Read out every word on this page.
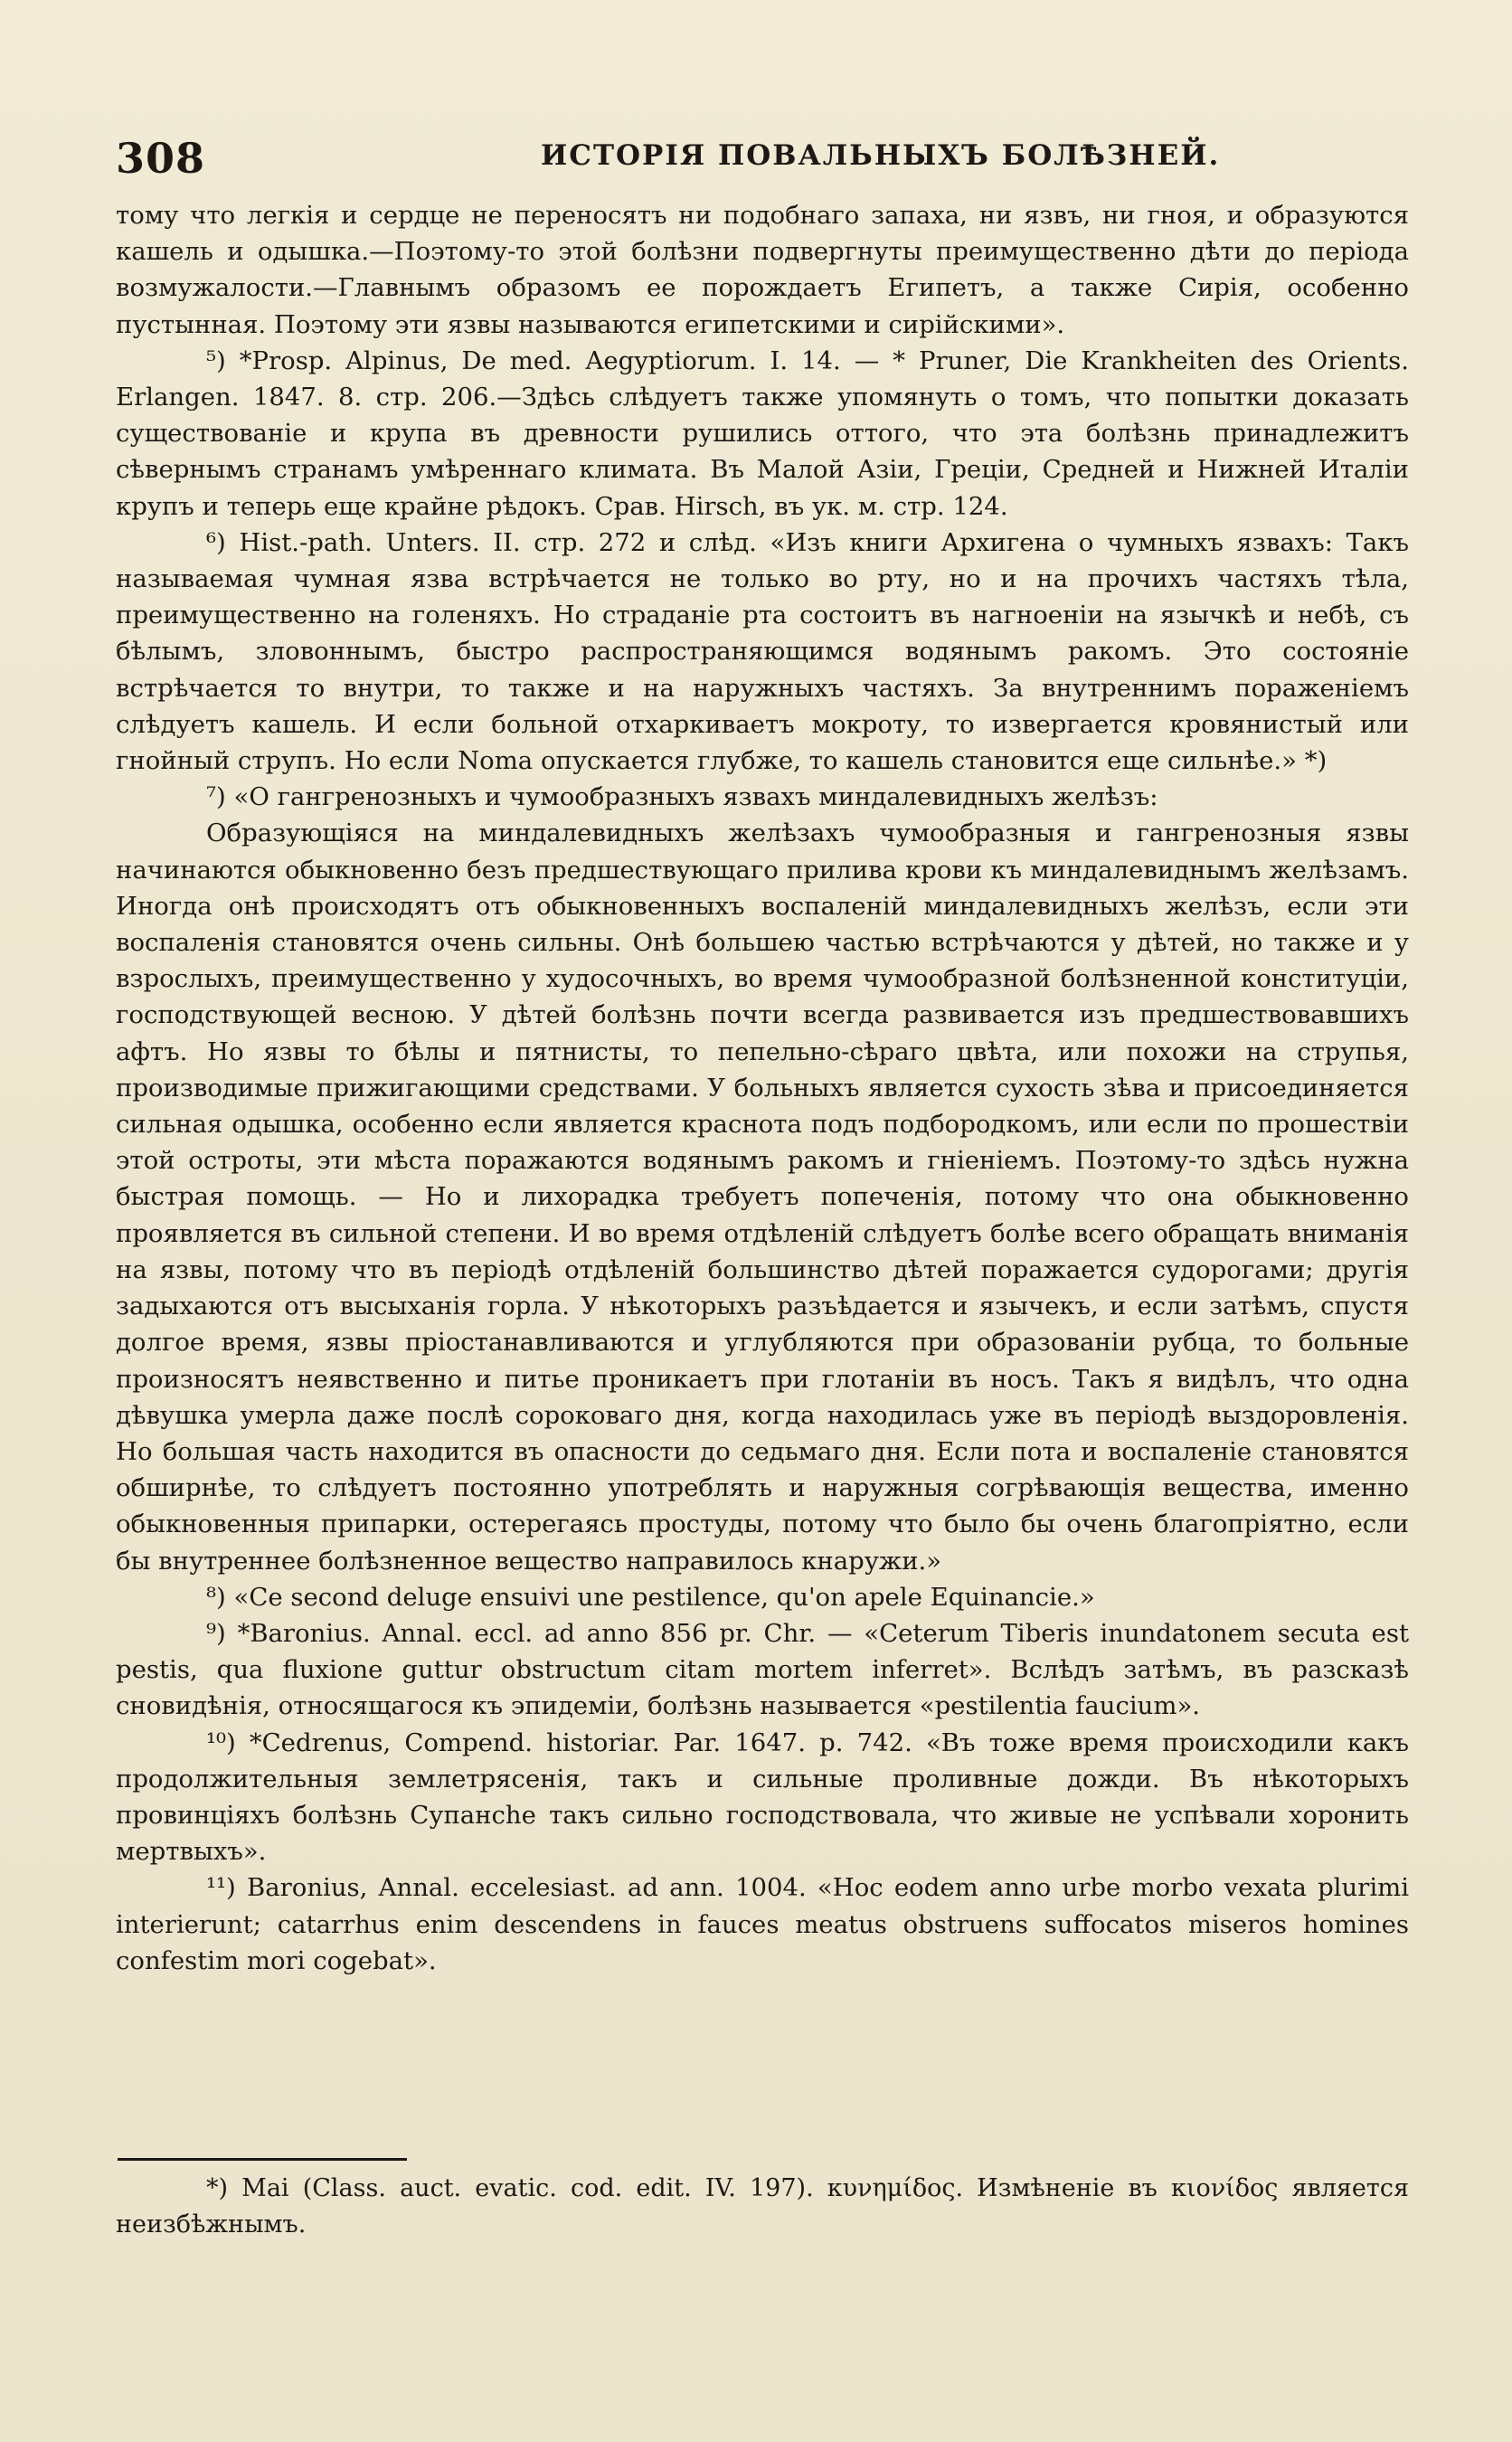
308	ИСТОРІЯ ПОВАЛЬНЫХЪ БОЛѢЗНЕЙ.

тому что легкія и сердце не переносятъ ни подобнаго запаха, ни язвъ, ни гноя, и образуются кашель и одышка.—Поэтому-то этой болѣзни подвергнуты преимущественно дѣти до періода возмужалости.—Главнымъ образомъ ее порождаетъ Египетъ, а также Сирія, особенно пустынная. Поэтому эти язвы называются египетскими и сирійскими».

⁵) *Prosp. Alpinus, De med. Aegyptiorum. I. 14. — * Pruner, Die Krankheiten des Orients. Erlangen. 1847. 8. стр. 206.—Здѣсь слѣдуетъ также упомянуть о томъ, что попытки доказать существованіе и крупа въ древности рушились оттого, что эта болѣзнь принадлежитъ сѣвернымъ странамъ умѣреннаго климата. Въ Малой Азіи, Греціи, Средней и Нижней Италіи крупъ и теперь еще крайне рѣдокъ. Срав. Hirsch, въ ук. м. стр. 124.

⁶) Hist.-path. Unters. II. стр. 272 и слѣд. «Изъ книги Архигена о чумныхъ язвахъ: Такъ называемая чумная язва встрѣчается не только во рту, но и на прочихъ частяхъ тѣла, преимущественно на голеняхъ. Но страданіе рта состоитъ въ нагноеніи на язычкѣ и небѣ, съ бѣлымъ, зловоннымъ, быстро распространяющимся водянымъ ракомъ. Это состояніе встрѣчается то внутри, то также и на наружныхъ частяхъ. За внутреннимъ пораженіемъ слѣдуетъ кашель. И если больной отхаркиваетъ мокроту, то извергается кровянистый или гнойный струпъ. Но если Noma опускается глубже, то кашель становится еще сильнѣе.» *)

⁷) «О гангренозныхъ и чумообразныхъ язвахъ миндалевидныхъ желѣзъ:

Образующіяся на миндалевидныхъ желѣзахъ чумообразныя и гангренозныя язвы начинаются обыкновенно безъ предшествующаго прилива крови къ миндалевиднымъ желѣзамъ. Иногда онѣ происходятъ отъ обыкновенныхъ воспаленій миндалевидныхъ желѣзъ, если эти воспаленія становятся очень сильны. Онѣ большею частью встрѣчаются у дѣтей, но также и у взрослыхъ, преимущественно у худосочныхъ, во время чумообразной болѣзненной конституціи, господствующей весною. У дѣтей болѣзнь почти всегда развивается изъ предшествовавшихъ афтъ. Но язвы то бѣлы и пятнисты, то пепельно-сѣраго цвѣта, или похожи на струпья, производимые прижигающими средствами. У больныхъ является сухость зѣва и присоединяется сильная одышка, особенно если является краснота подъ подбородкомъ, или если по прошествіи этой остроты, эти мѣста поражаются водянымъ ракомъ и гніеніемъ. Поэтому-то здѣсь нужна быстрая помощь. — Но и лихорадка требуетъ попеченія, потому что она обыкновенно проявляется въ сильной степени. И во время отдѣленій слѣдуетъ болѣе всего обращать вниманія на язвы, потому что въ періодѣ отдѣленій большинство дѣтей поражается судорогами; другія задыхаются отъ высыханія горла. У нѣкоторыхъ разъѣдается и язычекъ, и если затѣмъ, спустя долгое время, язвы пріостанавливаются и углубляются при образованіи рубца, то больные произносятъ неявственно и питье проникаетъ при глотаніи въ носъ. Такъ я видѣлъ, что одна дѣвушка умерла даже послѣ сороковаго дня, когда находилась уже въ періодѣ выздоровленія. Но большая часть находится въ опасности до седьмаго дня. Если пота и воспаленіе становятся обширнѣе, то слѣдуетъ постоянно употреблять и наружныя согрѣвающія вещества, именно обыкновенныя припарки, остерегаясь простуды, потому что было бы очень благопріятно, если бы внутреннее болѣзненное вещество направилось кнаружи.»

⁸) «Ce second deluge ensuivi une pestilence, qu'on apele Equinancie.»

⁹) *Baronius. Annal. eccl. ad anno 856 pr. Chr. — «Ceterum Tiberis inundatonem secuta est pestis, qua fluxione guttur obstructum citam mortem inferret». Вслѣдъ затѣмъ, въ разсказѣ сновидѣнія, относящагося къ эпидеміи, болѣзнь называется «pestilentia faucium».

¹⁰) *Cedrenus, Compend. historiar. Par. 1647. p. 742. «Въ тоже время происходили какъ продолжительныя землетрясенія, такъ и сильные проливные дожди. Въ нѣкоторыхъ провинціяхъ болѣзнь Супанche такъ сильно господствовала, что живые не успѣвали хоронить мертвыхъ».

¹¹) Baronius, Annal. eccelesiast. ad ann. 1004. «Hoc eodem anno urbe morbo vexata plurimi interierunt; catarrhus enim descendens in fauces meatus obstruens suffocatos miseros homines confestim mori cogebat».

*) Mai (Class. auct. evatic. cod. edit. IV. 197). κυνημίδος. Измѣненіе въ κιονίδος является неизбѣжнымъ.
